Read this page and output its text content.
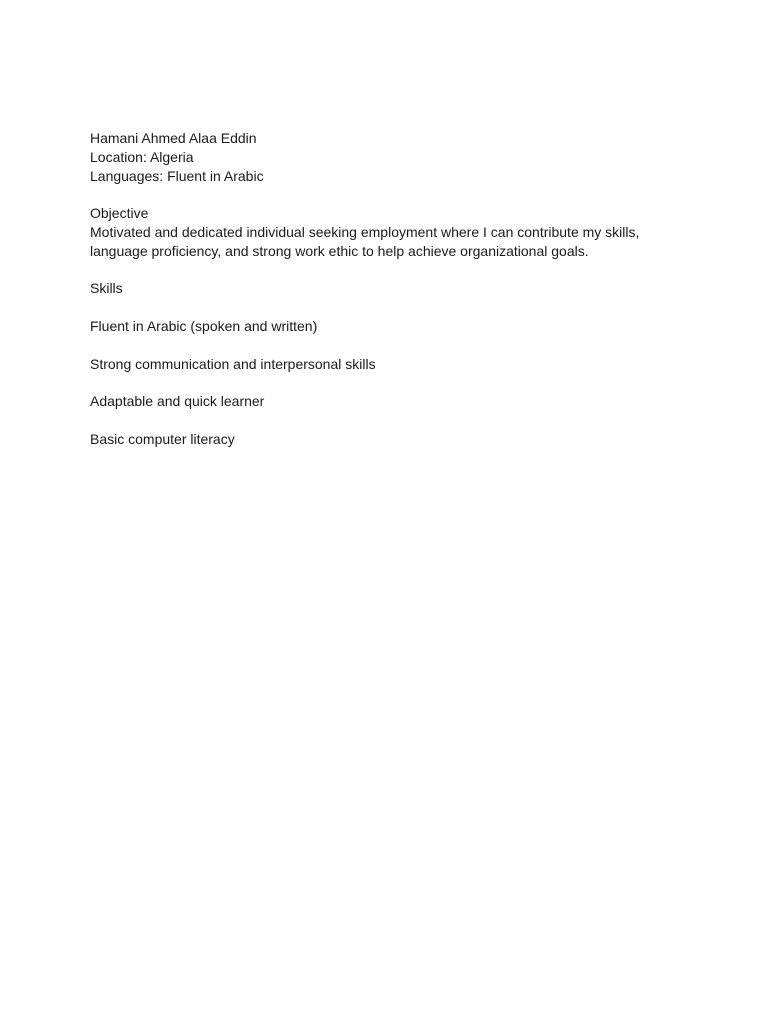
Hamani Ahmed Alaa Eddin

Location: Algeria

Languages: Fluent in Arabic

Objective

Motivated and dedicated individual seeking employment where I can contribute my skills, language proficiency, and strong work ethic to help achieve organizational goals.

Skills

Fluent in Arabic (spoken and written)

Strong communication and interpersonal skills

Adaptable and quick learner

Basic computer literacy
